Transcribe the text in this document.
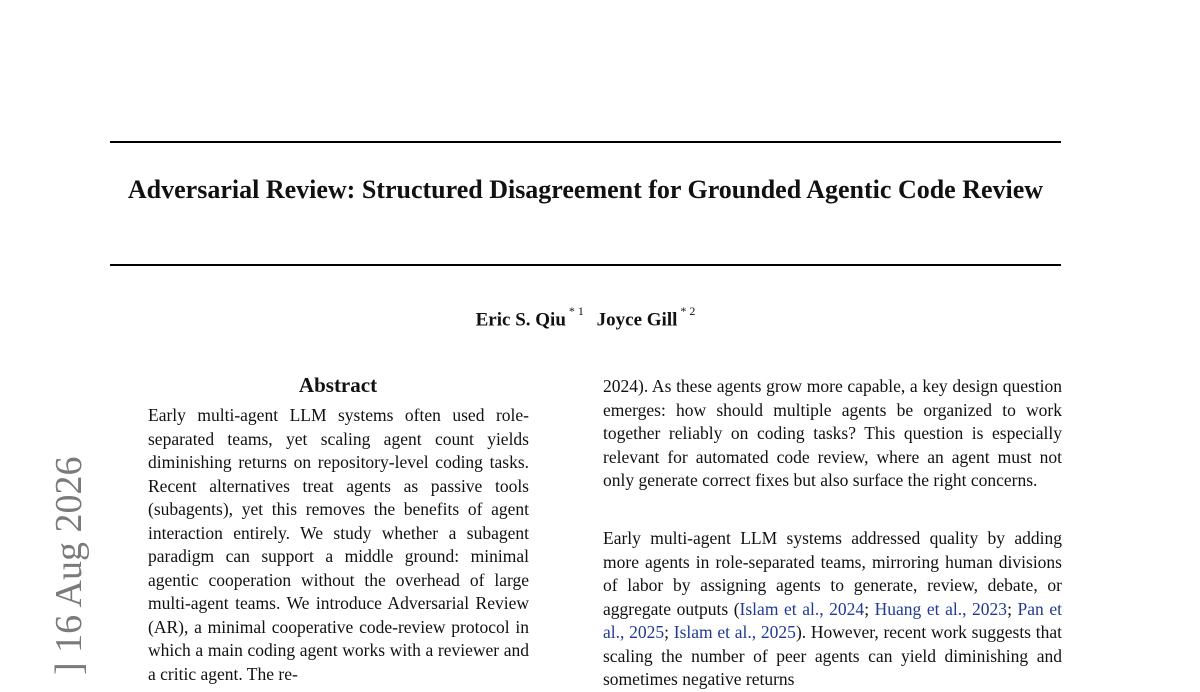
Adversarial Review: Structured Disagreement for Grounded Agentic Code Review
Eric S. Qiu $^{* 1}$ Joyce Gill $^{* 2}$
Abstract

Early multi-agent LLM systems often used role-separated teams, yet scaling agent count yields diminishing returns on repository-level coding tasks. Recent alternatives treat agents as passive tools (subagents), yet this removes the benefits of agent interaction entirely. We study whether a subagent paradigm can support a middle ground: minimal agentic cooperation without the overhead of large multi-agent teams. We introduce Adversarial Review (AR), a minimal cooperative code-review protocol in which a main coding agent works with a reviewer and a critic agent. The re-

2024). As these agents grow more capable, a key design question emerges: how should multiple agents be organized to work together reliably on coding tasks? This question is especially relevant for automated code review, where an agent must not only generate correct fixes but also surface the right concerns.

Early multi-agent LLM systems addressed quality by adding more agents in role-separated teams, mirroring human divisions of labor by assigning agents to generate, review, debate, or aggregate outputs (Islam et al., 2024; Huang et al., 2023; Pan et al., 2025; Islam et al., 2025). However, recent work suggests that scaling the number of peer agents can yield diminishing and sometimes negative returns

] 16 Aug 2026
